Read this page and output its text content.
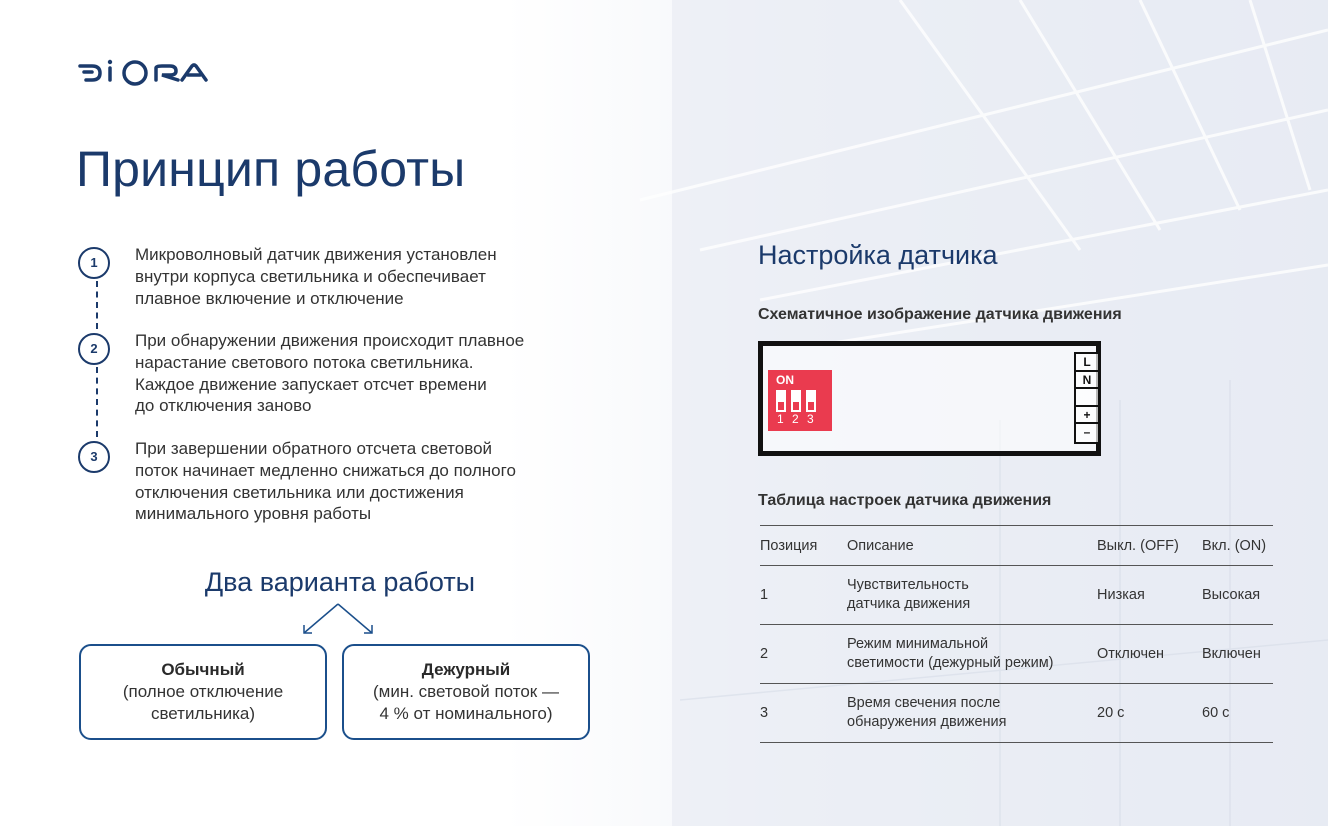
DIORA
Принцип работы
1	Микроволновый датчик движения установлен
внутри корпуса светильника и обеспечивает
плавное включение и отключение
2	При обнаружении движения происходит плавное
нарастание светового потока светильника.
Каждое движение запускает отсчет времени
до отключения заново
3	При завершении обратного отсчета световой
поток начинает медленно снижаться до полного
отключения светильника или достижения
минимального уровня работы
Два варианта работы
Обычный
(полное отключение
светильника)
Дежурный
(мин. световой поток —
4 % от номинального)
Настройка датчика
Схематичное изображение датчика движения
ON
1 2 3
L
N
+
–
Таблица настроек датчика движения
Позиция	Описание	Выкл. (OFF)	Вкл. (ON)
1	Чувствительность
датчика движения	Низкая	Высокая
2	Режим минимальной
светимости (дежурный режим)	Отключен	Включен
3	Время свечения после
обнаружения движения	20 с	60 с
